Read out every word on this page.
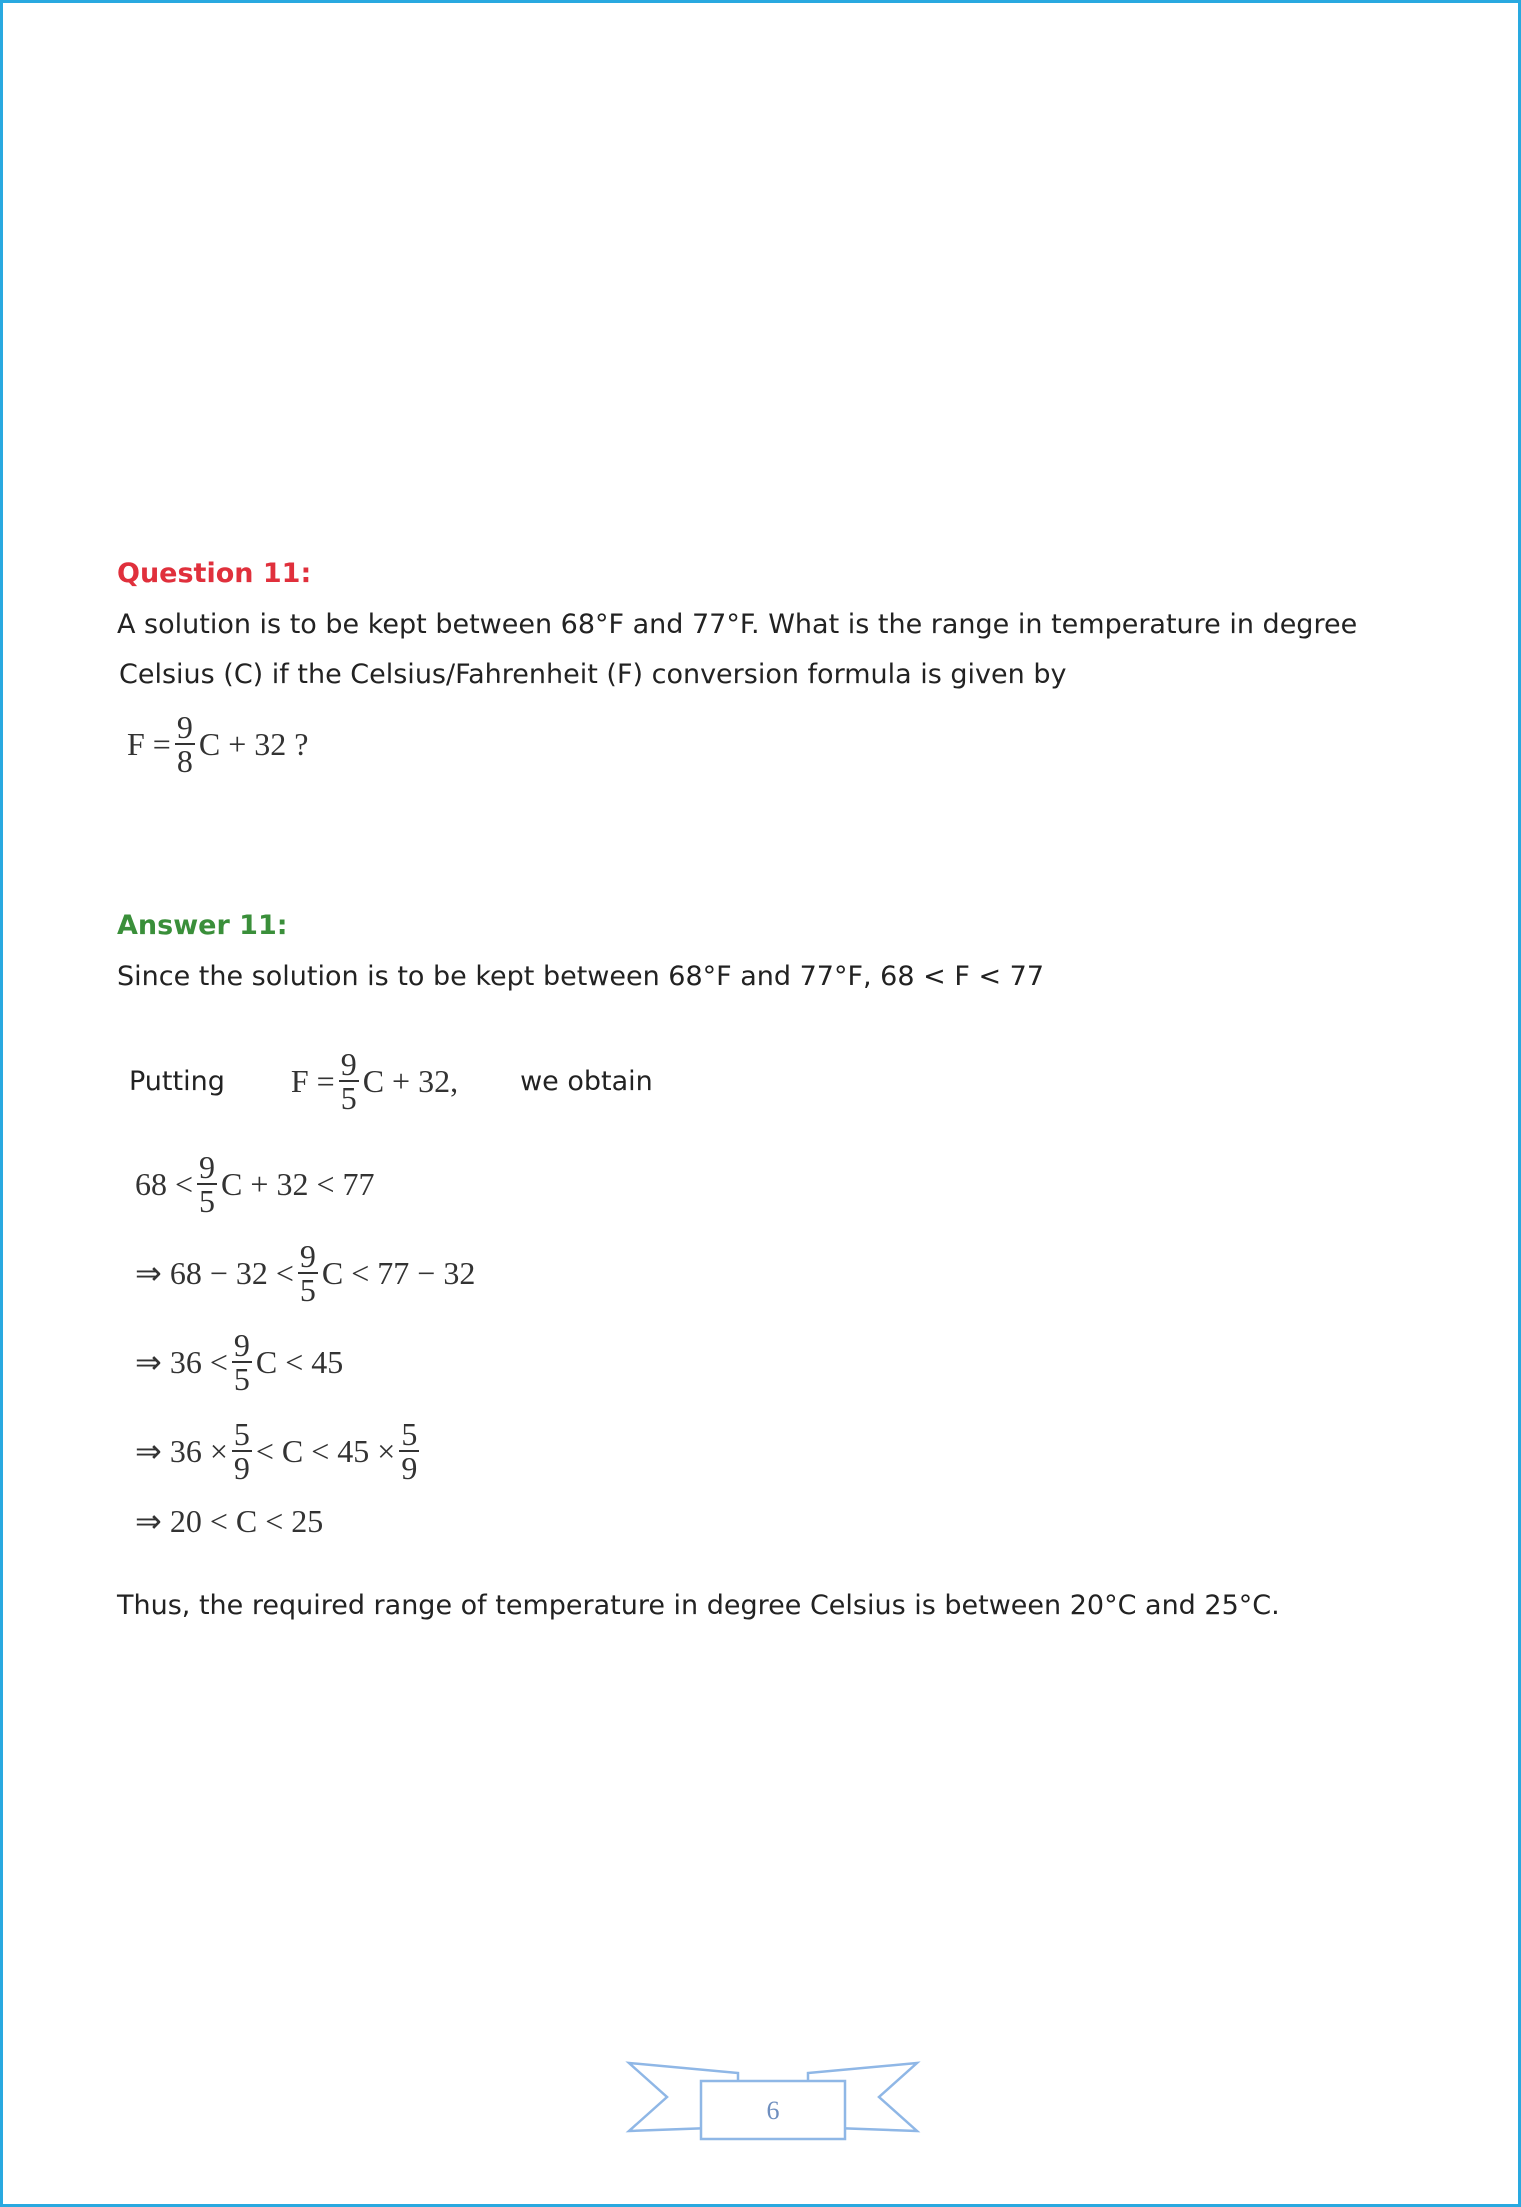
Question 11:
A solution is to be kept between 68°F and 77°F. What is the range in temperature in degree
Celsius (C) if the Celsius/Fahrenheit (F) conversion formula is given by
$F = \frac{9}{8}$ C + 32 ?
Answer 11:
Since the solution is to be kept between 68°F and 77°F, 68 < F < 77
Putting $F = \frac{9}{5}$ C + 32, we obtain
$68 < \frac{9}{5}$ C + 32 < 77
⇒ $68 - 32 < \frac{9}{5}$ C < 77 − 32
⇒ $36 < \frac{9}{5}$ C < 45
⇒ $36 \times \frac{5}{9} < C < 45 \times \frac{5}{9}$
⇒ 20 < C < 25
Thus, the required range of temperature in degree Celsius is between 20°C and 25°C.
6
